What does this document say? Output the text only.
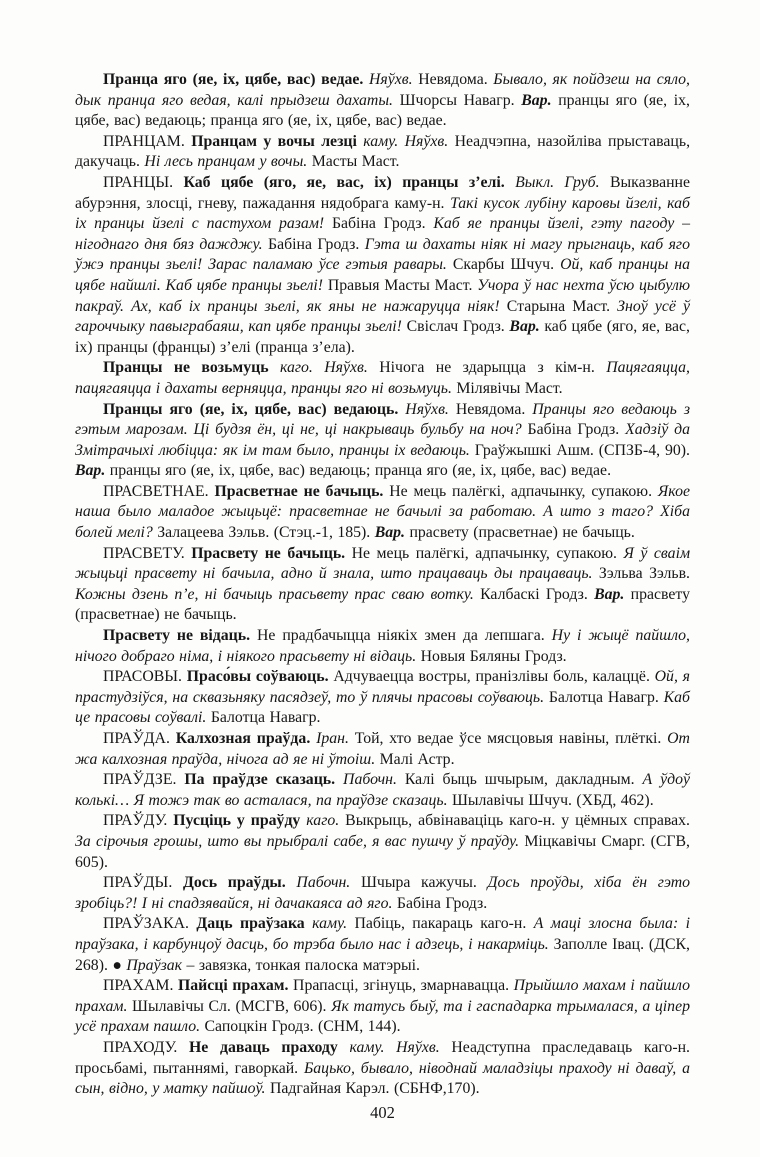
Пранца яго (яе, іх, цябе, вас) ведае. Няўхв. Невядома. Бывало, як пойдзеш на сяло, дык пранца яго ведая, калі прыдзеш дахаты. Шчорсы Навагр. Вар. пранцы яго (яе, іх, цябе, вас) ведаюць; пранца яго (яе, іх, цябе, вас) ведае.

ПРАНЦАМ. Пранцам у вочы лезці каму. Няўхв. Неадчэпна, назойліва прыставаць, дакучаць. Ні лесь пранцам у вочы. Масты Маст.

ПРАНЦЫ. Каб цябе (яго, яе, вас, іх) пранцы з’елі. Выкл. Груб. Выказванне абурэння, злосці, гневу, пажадання нядобрага каму-н. Такі кусок лубіну каровы йзелі, каб іх пранцы йзелі с пастухом разам! Бабіна Гродз. Каб яе пранцы йзелі, гэту пагоду – нігоднаго дня бяз дажджу. Бабіна Гродз. Гэта ш дахаты ніяк ні магу прыгнаць, каб яго ўжэ пранцы зьелі! Зарас паламаю ўсе гэтыя равары. Скарбы Шчуч. Ой, каб пранцы на цябе найшлі. Каб цябе пранцы зьелі! Правыя Масты Маст. Учора ў нас нехта ўсю цыбулю пакраў. Ах, каб іх пранцы зьелі, як яны не нажаруцца ніяк! Старына Маст. Зноў усё ў гароччыку павыграбаяш, кап цябе пранцы зьелі! Свіслач Гродз. Вар. каб цябе (яго, яе, вас, іх) пранцы (францы) з’елі (пранца з’ела).

Пранцы не возьмуць каго. Няўхв. Нічога не здарыцца з кім-н. Пацягаяцца, пацягаяцца і дахаты верняцца, пранцы яго ні возьмуць. Мілявічы Маст.

Пранцы яго (яе, іх, цябе, вас) ведаюць. Няўхв. Невядома. Пранцы яго ведаюць з гэтым марозам. Ці будзя ён, ці не, ці накрываць бульбу на ноч? Бабіна Гродз. Хадзіў да Змітрачыхі любіцца: як ім там было, пранцы іх ведаюць. Граўжышкі Ашм. (СПЗБ-4, 90). Вар. пранцы яго (яе, іх, цябе, вас) ведаюць; пранца яго (яе, іх, цябе, вас) ведае.

ПРАСВЕТНАЕ. Прасветнае не бачыць. Не мець палёгкі, адпачынку, супакою. Якое наша было маладое жыцьцё: прасветнае не бачылі за работаю. А што з таго? Хіба болей мелі? Залацеева Зэльв. (Стэц.-1, 185). Вар. прасвету (прасветнае) не бачыць.

ПРАСВЕТУ. Прасвету не бачыць. Не мець палёгкі, адпачынку, супакою. Я ў сваім жыцьці прасвету ні бачыла, адно й знала, што працаваць ды працаваць. Зэльва Зэльв. Кожны дзень п’е, ні бачыць прасьвету прас сваю вотку. Калбаскі Гродз. Вар. прасвету (прасветнае) не бачыць.

Прасвету не відаць. Не прадбачыцца ніякіх змен да лепшага. Ну і жыцё пайшло, нічого добраго німа, і ніякого прасьвету ні відаць. Новыя Бяляны Гродз.

ПРАСОВЫ. Прасо́вы соўваюць. Адчуваецца востры, пранізлівы боль, калаццё. Ой, я прастудзіўся, на сквазьняку пасядзеў, то ў плячы прасовы соўваюць. Балотца Навагр. Каб це прасовы соўвалі. Балотца Навагр.

ПРАЎДА. Калхозная праўда. Іран. Той, хто ведае ўсе мясцовыя навіны, плёткі. От жа калхозная праўда, нічога ад яе ні ўтоіш. Малі Астр.

ПРАЎДЗЕ. Па праўдзе сказаць. Пабочн. Калі быць шчырым, дакладным. А ўдоў колькі… Я тожэ так во асталася, па праўдзе сказаць. Шылавічы Шчуч. (ХБД, 462).

ПРАЎДУ. Пусціць у праўду каго. Выкрыць, абвінаваціць каго-н. у цёмных справах. За сірочыя грошы, што вы прыбралі сабе, я вас пушчу ў праўду. Міцкавічы Смарг. (СГВ, 605).

ПРАЎДЫ. Дось праўды. Пабочн. Шчыра кажучы. Дось проўды, хіба ён гэто зробіць?! І ні спадзявайся, ні дачакаяса ад яго. Бабіна Гродз.

ПРАЎЗАКА. Даць праўзака каму. Пабіць, пакараць каго-н. А маці злосна была: і праўзака, і карбунцоў дасць, бо трэба было нас і адзець, і накарміць. Заполле Івац. (ДСК, 268). ● Праўзак – завязка, тонкая палоска матэрыі.

ПРАХАМ. Пайсці прахам. Прапасці, згінуць, змарнавацца. Прыйшло махам і пайшло прахам. Шылавічы Сл. (МСГВ, 606). Як татусь быў, та і гаспадарка трымалася, а ціпер усё прахам пашло. Сапоцкін Гродз. (СНМ, 144).

ПРАХОДУ. Не даваць праходу каму. Няўхв. Неадступна праследаваць каго-н. просьбамі, пытаннямі, гаворкай. Бацько, бывало, ніводнай маладзіцы праходу ні даваў, а сын, відно, у матку пайшоў. Падгайная Карэл. (СБНФ,170).

402
